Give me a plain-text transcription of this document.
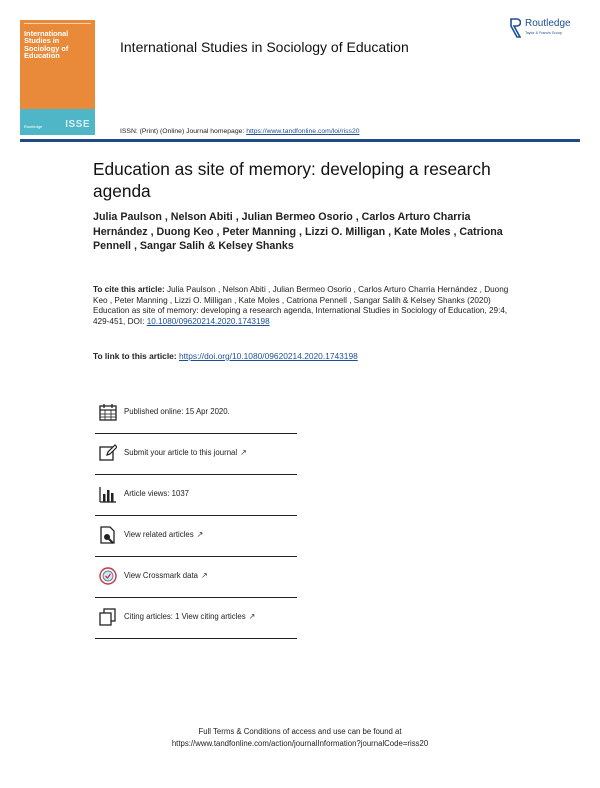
International
Studies in
Sociology of
Education
Routledge ISSE
International Studies in Sociology of Education
Routledge
Taylor & Francis Group
ISSN: (Print) (Online) Journal homepage: https://www.tandfonline.com/loi/riss20
Education as site of memory: developing a research agenda
Julia Paulson , Nelson Abiti , Julian Bermeo Osorio , Carlos Arturo Charria Hernández , Duong Keo , Peter Manning , Lizzi O. Milligan , Kate Moles , Catriona Pennell , Sangar Salih & Kelsey Shanks
To cite this article: Julia Paulson , Nelson Abiti , Julian Bermeo Osorio , Carlos Arturo Charria Hernández , Duong Keo , Peter Manning , Lizzi O. Milligan , Kate Moles , Catriona Pennell , Sangar Salih & Kelsey Shanks (2020) Education as site of memory: developing a research agenda, International Studies in Sociology of Education, 29:4, 429-451, DOI: 10.1080/09620214.2020.1743198
To link to this article: https://doi.org/10.1080/09620214.2020.1743198
Published online: 15 Apr 2020.
Submit your article to this journal ↗
Article views: 1037
View related articles ↗
View Crossmark data ↗
Citing articles: 1 View citing articles ↗
Full Terms & Conditions of access and use can be found at
https://www.tandfonline.com/action/journalInformation?journalCode=riss20
